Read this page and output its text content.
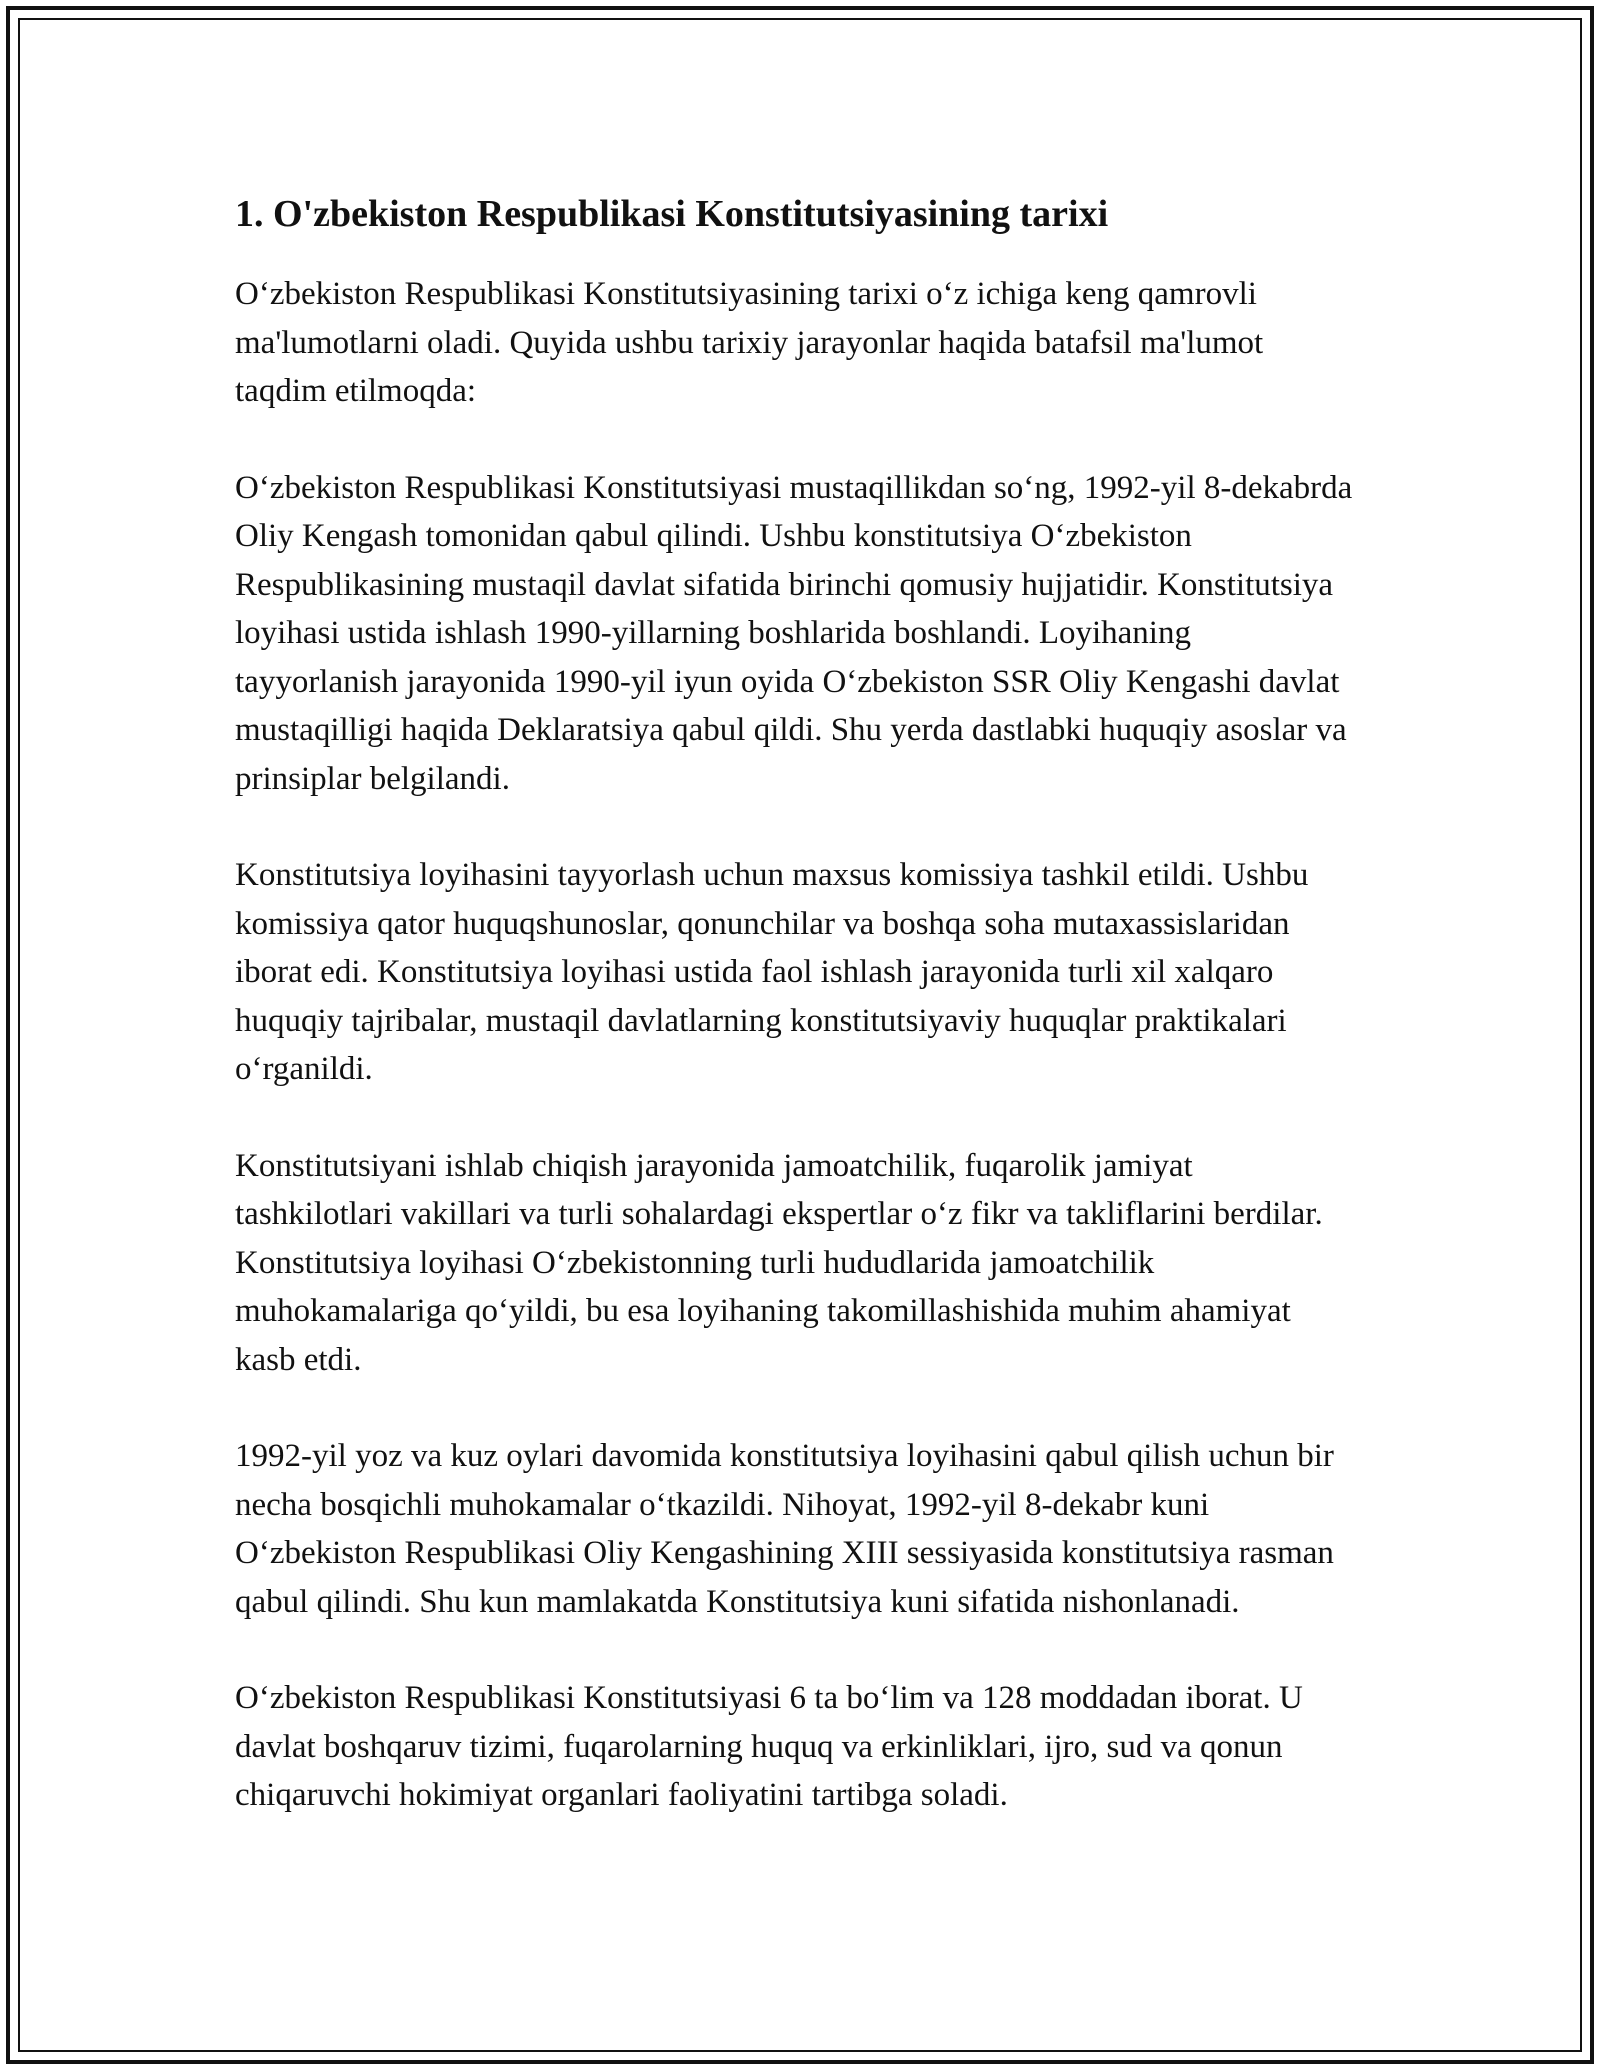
1. O'zbekiston Respublikasi Konstitutsiyasining tarixi

O‘zbekiston Respublikasi Konstitutsiyasining tarixi o‘z ichiga keng qamrovli ma'lumotlarni oladi. Quyida ushbu tarixiy jarayonlar haqida batafsil ma'lumot taqdim etilmoqda:

O‘zbekiston Respublikasi Konstitutsiyasi mustaqillikdan so‘ng, 1992-yil 8-dekabrda Oliy Kengash tomonidan qabul qilindi. Ushbu konstitutsiya O‘zbekiston Respublikasining mustaqil davlat sifatida birinchi qomusiy hujjatidir. Konstitutsiya loyihasi ustida ishlash 1990-yillarning boshlarida boshlandi. Loyihaning tayyorlanish jarayonida 1990-yil iyun oyida O‘zbekiston SSR Oliy Kengashi davlat mustaqilligi haqida Deklaratsiya qabul qildi. Shu yerda dastlabki huquqiy asoslar va prinsiplar belgilandi.

Konstitutsiya loyihasini tayyorlash uchun maxsus komissiya tashkil etildi. Ushbu komissiya qator huquqshunoslar, qonunchilar va boshqa soha mutaxassislaridan iborat edi. Konstitutsiya loyihasi ustida faol ishlash jarayonida turli xil xalqaro huquqiy tajribalar, mustaqil davlatlarning konstitutsiyaviy huquqlar praktikalari o‘rganildi.

Konstitutsiyani ishlab chiqish jarayonida jamoatchilik, fuqarolik jamiyat tashkilotlari vakillari va turli sohalardagi ekspertlar o‘z fikr va takliflarini berdilar. Konstitutsiya loyihasi O‘zbekistonning turli hududlarida jamoatchilik muhokamalariga qo‘yildi, bu esa loyihaning takomillashishida muhim ahamiyat kasb etdi.

1992-yil yoz va kuz oylari davomida konstitutsiya loyihasini qabul qilish uchun bir necha bosqichli muhokamalar o‘tkazildi. Nihoyat, 1992-yil 8-dekabr kuni O‘zbekiston Respublikasi Oliy Kengashining XIII sessiyasida konstitutsiya rasman qabul qilindi. Shu kun mamlakatda Konstitutsiya kuni sifatida nishonlanadi.

O‘zbekiston Respublikasi Konstitutsiyasi 6 ta bo‘lim va 128 moddadan iborat. U davlat boshqaruv tizimi, fuqarolarning huquq va erkinliklari, ijro, sud va qonun chiqaruvchi hokimiyat organlari faoliyatini tartibga soladi.
